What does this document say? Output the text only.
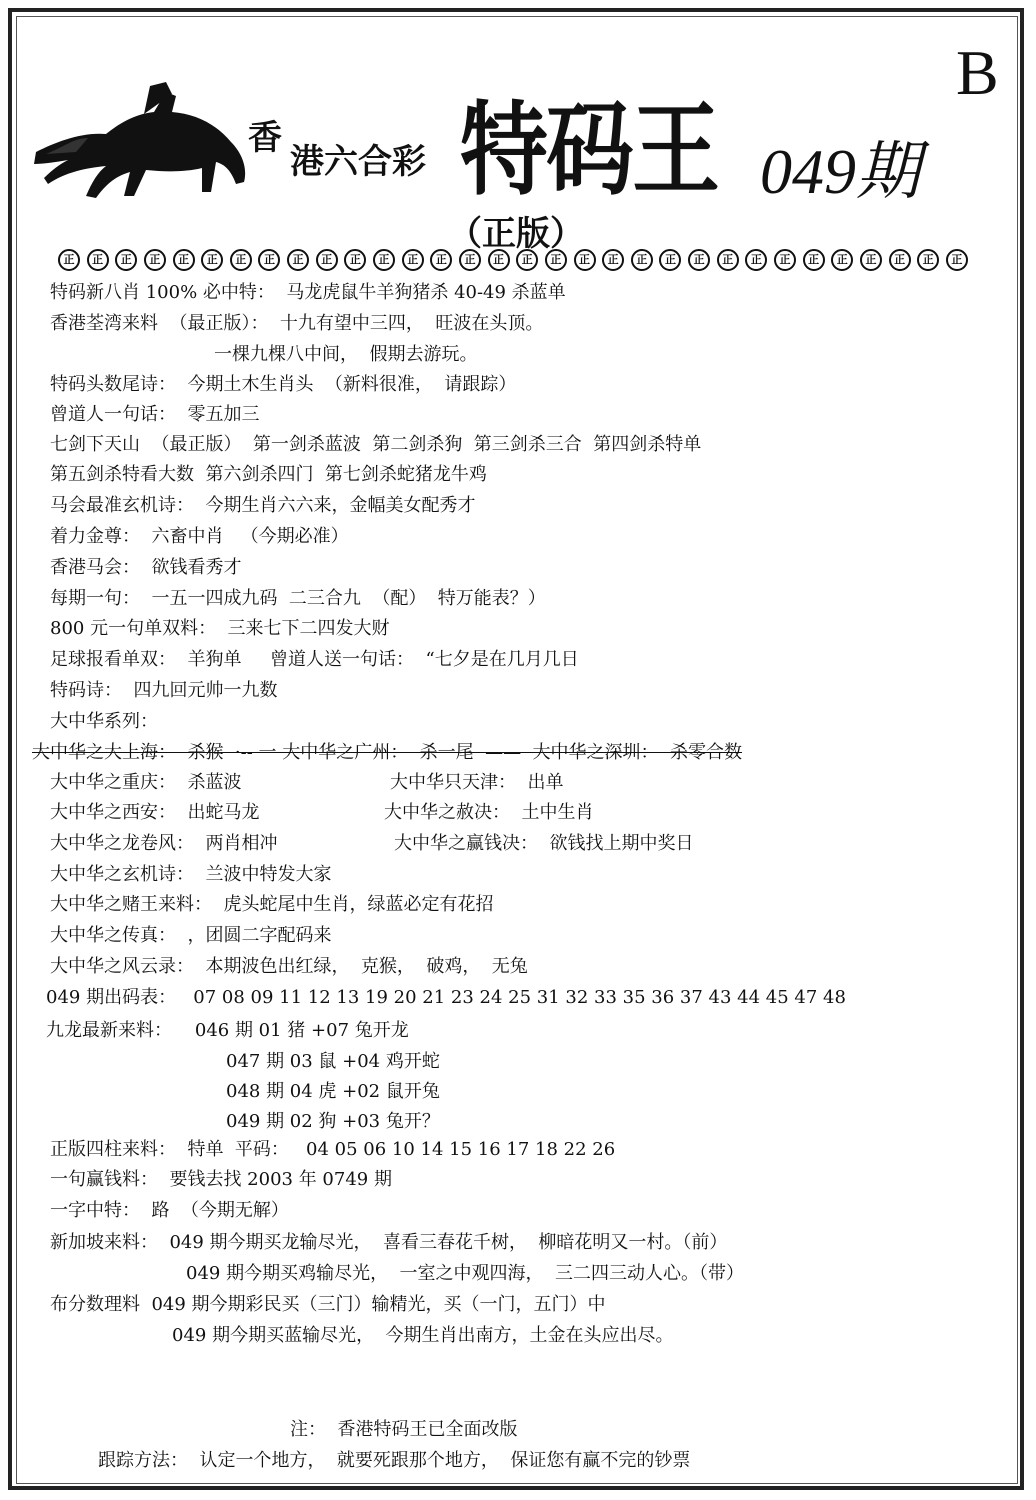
B
香
港六合彩 特码王 049期
（正版）
正	正	正	正	正	正	正	正	正	正	正	正	正	正	正	正	正	正	正	正	正	正	正	正	正	正	正	正	正	正	正	正
特码新八肖 100% 必中特：  马龙虎鼠牛羊狗猪杀 40-49 杀蓝单
香港荃湾来料  （最正版）：  十九有望中三四，  旺波在头顶。
一棵九棵八中间，  假期去游玩。
特码头数尾诗：  今期土木生肖头  （新料很准，  请跟踪）
曾道人一句话：  零五加三
七剑下天山  （最正版）  第一剑杀蓝波  第二剑杀狗  第三剑杀三合  第四剑杀特单
第五剑杀特看大数  第六剑杀四门  第七剑杀蛇猪龙牛鸡
马会最准玄机诗：  今期生肖六六来，金幅美女配秀才
着力金尊：  六畜中肖   （今期必准）
香港马会：  欲钱看秀才
每期一句：  一五一四成九码  二三合九  （配）  特万能表？）
800 元一句单双料：  三来七下二四发大财
足球报看单双：  羊狗单     曾道人送一句话：  “七夕是在几月几日
特码诗：  四九回元帅一九数
大中华系列：
大中华之大上海：  杀猴  ·-- 一 大中华之广州：  杀一尾  ——  大中华之深圳：  杀零合数
大中华之重庆：  杀蓝波	大中华只天津：  出单
大中华之西安：  出蛇马龙	大中华之赦决：  土中生肖
大中华之龙卷风：  两肖相冲	大中华之赢钱决：  欲钱找上期中奖日
大中华之玄机诗：  兰波中特发大家
大中华之赌王来料：  虎头蛇尾中生肖，绿蓝必定有花招
大中华之传真：  ，团圆二字配码来
大中华之风云录：  本期波色出红绿，  克猴，  破鸡，  无兔
049 期出码表：   07 08 09 11 12 13 19 20 21 23 24 25 31 32 33 35 36 37 43 44 45 47 48
九龙最新来料：    046 期 01 猪 +07 兔开龙
047 期 03 鼠 +04 鸡开蛇
048 期 04 虎 +02 鼠开兔
049 期 02 狗 +03 兔开？
正版四柱来料：  特单  平码：   04 05 06 10 14 15 16 17 18 22 26
一句赢钱料：  要钱去找 2003 年 0749 期
一字中特：  路  （今期无解）
新加坡来料：  049 期今期买龙输尽光，  喜看三春花千树，  柳暗花明又一村。（前）
049 期今期买鸡输尽光，  一室之中观四海，  三二四三动人心。（带）
布分数理料  049 期今期彩民买（三门）输精光，买（一门，五门）中
049 期今期买蓝输尽光，  今期生肖出南方，土金在头应出尽。
注：  香港特码王已全面改版
跟踪方法：  认定一个地方，  就要死跟那个地方，  保证您有赢不完的钞票
